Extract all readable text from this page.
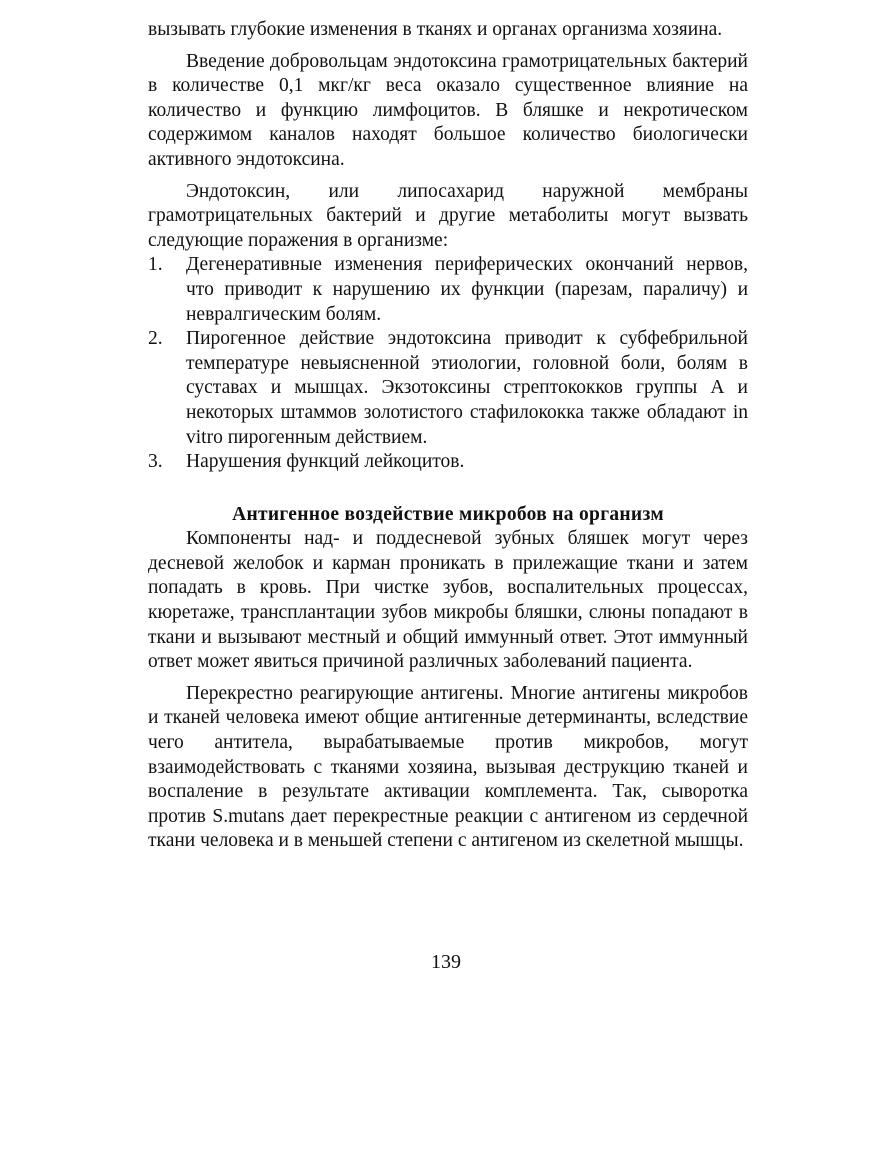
вызывать глубокие изменения в тканях и органах организма хозяина.

Введение добровольцам эндотоксина грамотрицательных бактерий в количестве 0,1 мкг/кг веса оказало существенное влияние на количество и функцию лимфоцитов. В бляшке и некротическом содержимом каналов находят большое количество биологически активного эндотоксина.

Эндотоксин, или липосахарид наружной мембраны грамотрицательных бактерий и другие метаболиты могут вызвать следующие поражения в организме:

1.	Дегенеративные изменения периферических окончаний нервов, что приводит к нарушению их функции (парезам, параличу) и невралгическим болям.
2.	Пирогенное действие эндотоксина приводит к субфебрильной температуре невыясненной этиологии, головной боли, болям в суставах и мышцах. Экзотоксины стрептококков группы А и некоторых штаммов золотистого стафилококка также обладают in vitro пирогенным действием.
3.	Нарушения функций лейкоцитов.

Антигенное воздействие микробов на организм

Компоненты над- и поддесневой зубных бляшек могут через десневой желобок и карман проникать в прилежащие ткани и затем попадать в кровь. При чистке зубов, воспалительных процессах, кюретаже, трансплантации зубов микробы бляшки, слюны попадают в ткани и вызывают местный и общий иммунный ответ. Этот иммунный ответ может явиться причиной различных заболеваний пациента.

Перекрестно реагирующие антигены. Многие антигены микробов и тканей человека имеют общие антигенные детерминанты, вследствие чего антитела, вырабатываемые против микробов, могут взаимодействовать с тканями хозяина, вызывая деструкцию тканей и воспаление в результате активации комплемента. Так, сыворотка против S.mutans дает перекрестные реакции с антигеном из сердечной ткани человека и в меньшей степени с антигеном из скелетной мышцы.

139
